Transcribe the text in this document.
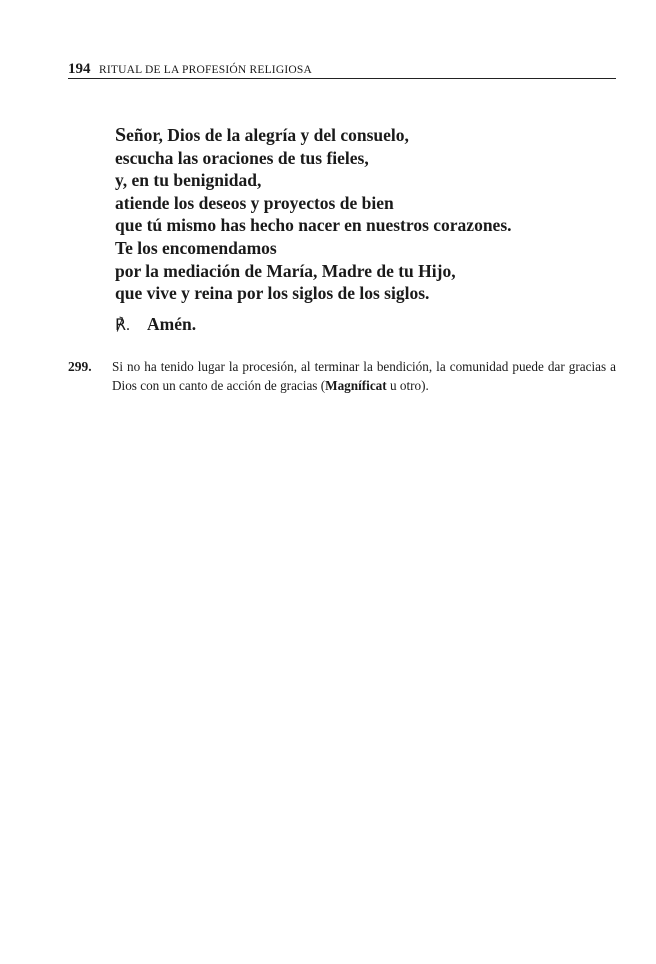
194 RITUAL DE LA PROFESIÓN RELIGIOSA
Señor, Dios de la alegría y del consuelo,
escucha las oraciones de tus fieles,
y, en tu benignidad,
atiende los deseos y proyectos de bien
que tú mismo has hecho nacer en nuestros corazones.
Te los encomendamos
por la mediación de María, Madre de tu Hijo,
que vive y reina por los siglos de los siglos.
℟. Amén.
299. Si no ha tenido lugar la procesión, al terminar la bendición, la comunidad puede dar gracias a Dios con un canto de acción de gracias (Magníficat u otro).
